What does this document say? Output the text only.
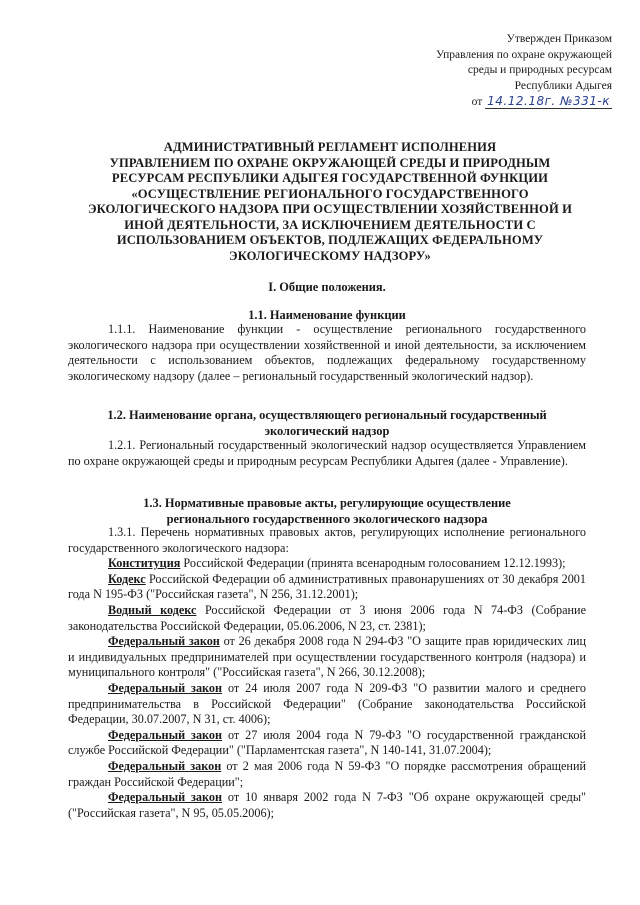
Утвержден Приказом
Управления по охране окружающей
среды и природных ресурсам
Республики Адыгея
от 14.12.18г. №331-к
АДМИНИСТРАТИВНЫЙ РЕГЛАМЕНТ ИСПОЛНЕНИЯ
УПРАВЛЕНИЕМ ПО ОХРАНЕ ОКРУЖАЮЩЕЙ СРЕДЫ И ПРИРОДНЫМ
РЕСУРСАМ РЕСПУБЛИКИ АДЫГЕЯ ГОСУДАРСТВЕННОЙ ФУНКЦИИ
«ОСУЩЕСТВЛЕНИЕ РЕГИОНАЛЬНОГО ГОСУДАРСТВЕННОГО
ЭКОЛОГИЧЕСКОГО НАДЗОРА ПРИ ОСУЩЕСТВЛЕНИИ ХОЗЯЙСТВЕННОЙ И
ИНОЙ ДЕЯТЕЛЬНОСТИ, ЗА ИСКЛЮЧЕНИЕМ ДЕЯТЕЛЬНОСТИ С
ИСПОЛЬЗОВАНИЕМ ОБЪЕКТОВ, ПОДЛЕЖАЩИХ ФЕДЕРАЛЬНОМУ
ЭКОЛОГИЧЕСКОМУ НАДЗОРУ»
I. Общие положения.
1.1. Наименование функции
1.1.1. Наименование функции - осуществление регионального государственного экологического надзора при осуществлении хозяйственной и иной деятельности, за исключением деятельности с использованием объектов, подлежащих федеральному государственному экологическому надзору (далее – региональный государственный экологический надзор).
1.2. Наименование органа, осуществляющего региональный государственный
экологический надзор
1.2.1. Региональный государственный экологический надзор осуществляется Управлением по охране окружающей среды и природным ресурсам Республики Адыгея (далее - Управление).
1.3. Нормативные правовые акты, регулирующие осуществление
регионального государственного экологического надзора
1.3.1. Перечень нормативных правовых актов, регулирующих исполнение регионального государственного экологического надзора:
Конституция Российской Федерации (принята всенародным голосованием 12.12.1993);
Кодекс Российской Федерации об административных правонарушениях от 30 декабря 2001 года N 195-ФЗ ("Российская газета", N 256, 31.12.2001);
Водный кодекс Российской Федерации от 3 июня 2006 года N 74-ФЗ (Собрание законодательства Российской Федерации, 05.06.2006, N 23, ст. 2381);
Федеральный закон от 26 декабря 2008 года N 294-ФЗ "О защите прав юридических лиц и индивидуальных предпринимателей при осуществлении государственного контроля (надзора) и муниципального контроля" ("Российская газета", N 266, 30.12.2008);
Федеральный закон от 24 июля 2007 года N 209-ФЗ "О развитии малого и среднего предпринимательства в Российской Федерации" (Собрание законодательства Российской Федерации, 30.07.2007, N 31, ст. 4006);
Федеральный закон от 27 июля 2004 года N 79-ФЗ "О государственной гражданской службе Российской Федерации" ("Парламентская газета", N 140-141, 31.07.2004);
Федеральный закон от 2 мая 2006 года N 59-ФЗ "О порядке рассмотрения обращений граждан Российской Федерации";
Федеральный закон от 10 января 2002 года N 7-ФЗ "Об охране окружающей среды" ("Российская газета", N 95, 05.05.2006);
